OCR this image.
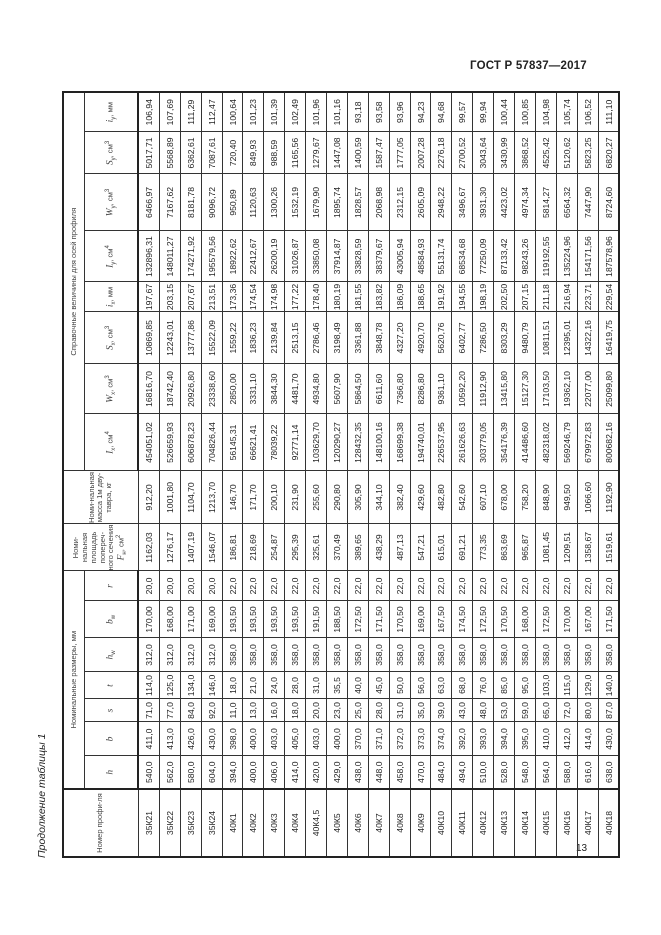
ГОСТ Р 57837—2017
Продолжение таблицы 1	13
Номер профи-ля	Номинальные размеры, мм							Номи-нальная площадь попереч-ного сечения $F_н$, $см^2$	Номи-нальная масса 1м дву-тавра, кг	Справочные величины для осей профиля							
	h	b	s	t	$h_w$	$b_w$	r			$I_x$, $см^4$	$W_x$, $см^3$	$S_x$, $см^3$	$i_x$, мм	$I_y$, $см^4$	$W_y$, $см^3$	$S_y$, $см^3$	$i_y$, мм
35К21	540,0	411,0	71,0	114,0	312,0	170,00	20,0	1162,03	912,20	454051,02	16816,70	10869,85	197,67	132896,31	6466,97	5017,71	106,94
35К22	562,0	413,0	77,0	125,0	312,0	168,00	20,0	1276,17	1001,80	526659,93	18742,40	12243,01	203,15	148011,27	7167,62	5568,89	107,69
35К23	580,0	426,0	84,0	134,0	312,0	171,00	20,0	1407,19	1104,70	606878,23	20926,80	13777,86	207,67	174271,92	8181,78	6362,61	111,29
35К24	604,0	430,0	92,0	146,0	312,0	169,00	20,0	1546,07	1213,70	704826,44	23338,60	15522,09	213,51	195579,56	9096,72	7087,61	112,47
40К1	394,0	398,0	11,0	18,0	358,0	193,50	22,0	186,81	146,70	56145,31	2850,00	1559,22	173,36	18922,62	950,89	720,40	100,64
40К2	400,0	400,0	13,0	21,0	358,0	193,50	22,0	218,69	171,70	66621,41	3331,10	1836,23	174,54	22412,67	1120,63	849,93	101,23
40К3	406,0	403,0	16,0	24,0	358,0	193,50	22,0	254,87	200,10	78039,22	3844,30	2139,84	174,98	26200,19	1300,26	988,59	101,39
40К4	414,0	405,0	18,0	28,0	358,0	193,50	22,0	295,39	231,90	92771,14	4481,70	2513,15	177,22	31026,87	1532,19	1165,56	102,49
40К4,5	420,0	403,0	20,0	31,0	358,0	191,50	22,0	325,61	255,60	103629,70	4934,80	2786,46	178,40	33850,08	1679,90	1279,67	101,96
40К5	429,0	400,0	23,0	35,5	358,0	188,50	22,0	370,49	290,80	120290,27	5607,90	3198,49	180,19	37914,87	1895,74	1447,08	101,16
40К6	438,0	370,0	25,0	40,0	358,0	172,50	22,0	389,65	305,90	128432,35	5864,50	3361,88	181,55	33828,59	1828,57	1400,59	93,18
40К7	448,0	371,0	28,0	45,0	358,0	171,50	22,0	438,29	344,10	148100,16	6611,60	3848,78	183,82	38379,67	2068,98	1587,47	93,58
40К8	458,0	372,0	31,0	50,0	358,0	170,50	22,0	487,13	382,40	168699,38	7366,80	4327,20	186,09	43005,94	2312,15	1777,05	93,96
40К9	470,0	373,0	35,0	56,0	358,0	169,00	22,0	547,21	429,60	194740,01	8286,80	4920,70	188,65	48584,93	2605,09	2007,28	94,23
40К10	484,0	374,0	39,0	63,0	358,0	167,50	22,0	615,01	482,80	226537,95	9361,10	5620,76	191,92	55131,74	2948,22	2276,18	94,68
40К11	494,0	392,0	43,0	68,0	358,0	174,50	22,0	691,21	542,60	261626,63	10592,20	6402,77	194,55	68534,68	3496,67	2700,52	99,57
40К12	510,0	393,0	48,0	76,0	358,0	172,50	22,0	773,35	607,10	303779,05	11912,90	7286,50	198,19	77250,09	3931,30	3043,64	99,94
40К13	528,0	394,0	53,0	85,0	358,0	170,50	22,0	863,69	678,00	354176,39	13415,80	8303,29	202,50	87133,42	4423,02	3430,99	100,44
40К14	548,0	395,0	59,0	95,0	358,0	168,00	22,0	965,87	758,20	414486,60	15127,30	9480,79	207,15	98243,26	4974,34	3868,52	100,85
40К15	564,0	410,0	65,0	103,0	358,0	172,50	22,0	1081,45	848,90	482318,02	17103,50	10811,51	211,18	119192,55	5814,27	4525,42	104,98
40К16	588,0	412,0	72,0	115,0	358,0	170,00	22,0	1209,51	949,50	569246,79	19362,10	12395,01	216,94	135224,96	6564,32	5120,62	105,74
40К17	616,0	414,0	80,0	129,0	358,0	167,00	22,0	1358,67	1066,60	679972,83	22077,00	14322,16	223,71	154171,56	7447,90	5823,25	106,52
40К18	638,0	430,0	87,0	140,0	358,0	171,50	22,0	1519,61	1192,90	800682,16	25099,80	16419,75	229,54	187578,96	8724,60	6820,27	111,10
